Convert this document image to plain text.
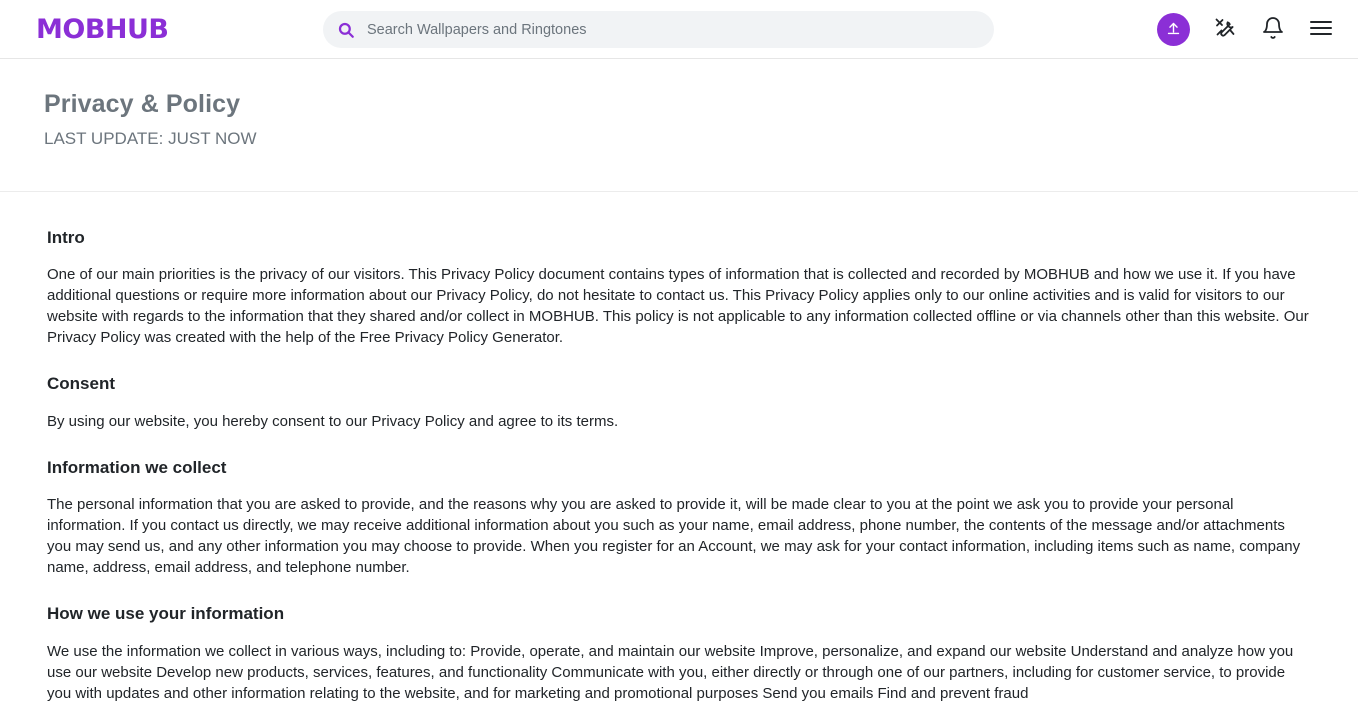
MOBHUB
Search Wallpapers and Ringtones
Privacy & Policy
LAST UPDATE: JUST NOW
Intro

One of our main priorities is the privacy of our visitors. This Privacy Policy document contains types of information that is collected and recorded by MOBHUB and how we use it. If you have additional questions or require more information about our Privacy Policy, do not hesitate to contact us. This Privacy Policy applies only to our online activities and is valid for visitors to our website with regards to the information that they shared and/or collect in MOBHUB. This policy is not applicable to any information collected offline or via channels other than this website. Our Privacy Policy was created with the help of the Free Privacy Policy Generator.

Consent

By using our website, you hereby consent to our Privacy Policy and agree to its terms.

Information we collect

The personal information that you are asked to provide, and the reasons why you are asked to provide it, will be made clear to you at the point we ask you to provide your personal information. If you contact us directly, we may receive additional information about you such as your name, email address, phone number, the contents of the message and/or attachments you may send us, and any other information you may choose to provide. When you register for an Account, we may ask for your contact information, including items such as name, company name, address, email address, and telephone number.

How we use your information

We use the information we collect in various ways, including to: Provide, operate, and maintain our website Improve, personalize, and expand our website Understand and analyze how you use our website Develop new products, services, features, and functionality Communicate with you, either directly or through one of our partners, including for customer service, to provide you with updates and other information relating to the website, and for marketing and promotional purposes Send you emails Find and prevent fraud
